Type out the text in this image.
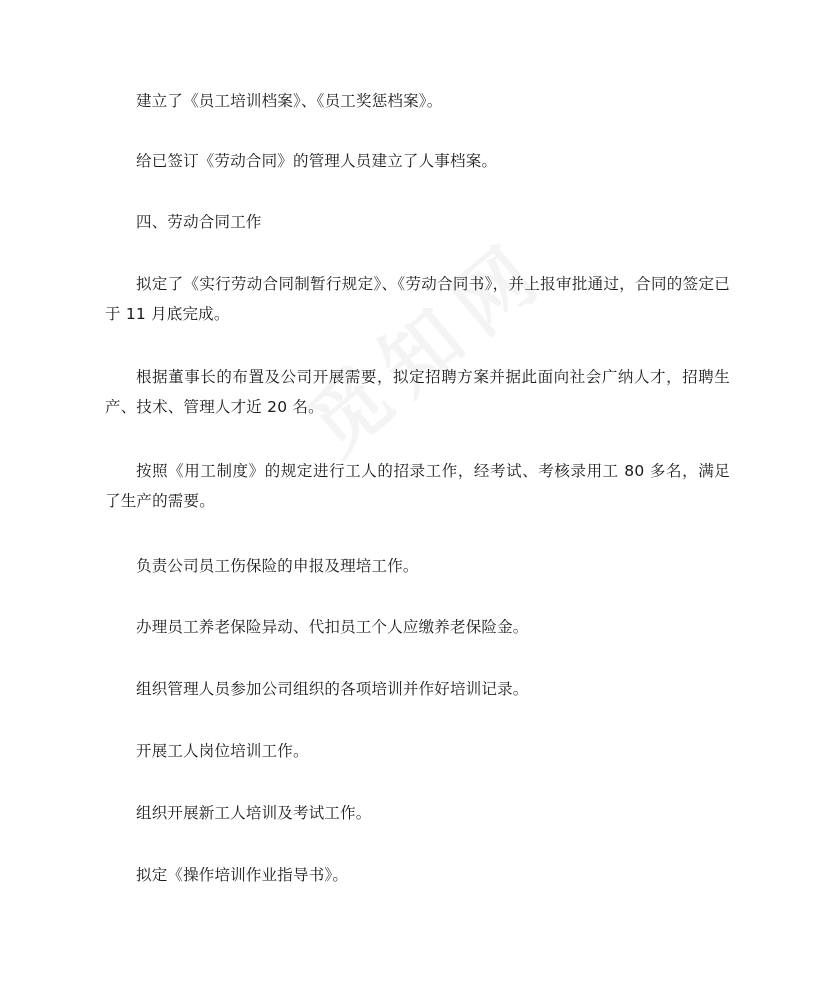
建立了《员工培训档案》、《员工奖惩档案》。

给已签订《劳动合同》的管理人员建立了人事档案。

四、劳动合同工作

拟定了《实行劳动合同制暂行规定》、《劳动合同书》，并上报审批通过，合同的签定已于 11 月底完成。

根据董事长的布置及公司开展需要，拟定招聘方案并据此面向社会广纳人才，招聘生产、技术、管理人才近 20 名。

按照《用工制度》的规定进行工人的招录工作，经考试、考核录用工 80 多名，满足了生产的需要。

负责公司员工伤保险的申报及理培工作。

办理员工养老保险异动、代扣员工个人应缴养老保险金。

组织管理人员参加公司组织的各项培训并作好培训记录。

开展工人岗位培训工作。

组织开展新工人培训及考试工作。

拟定《操作培训作业指导书》。
